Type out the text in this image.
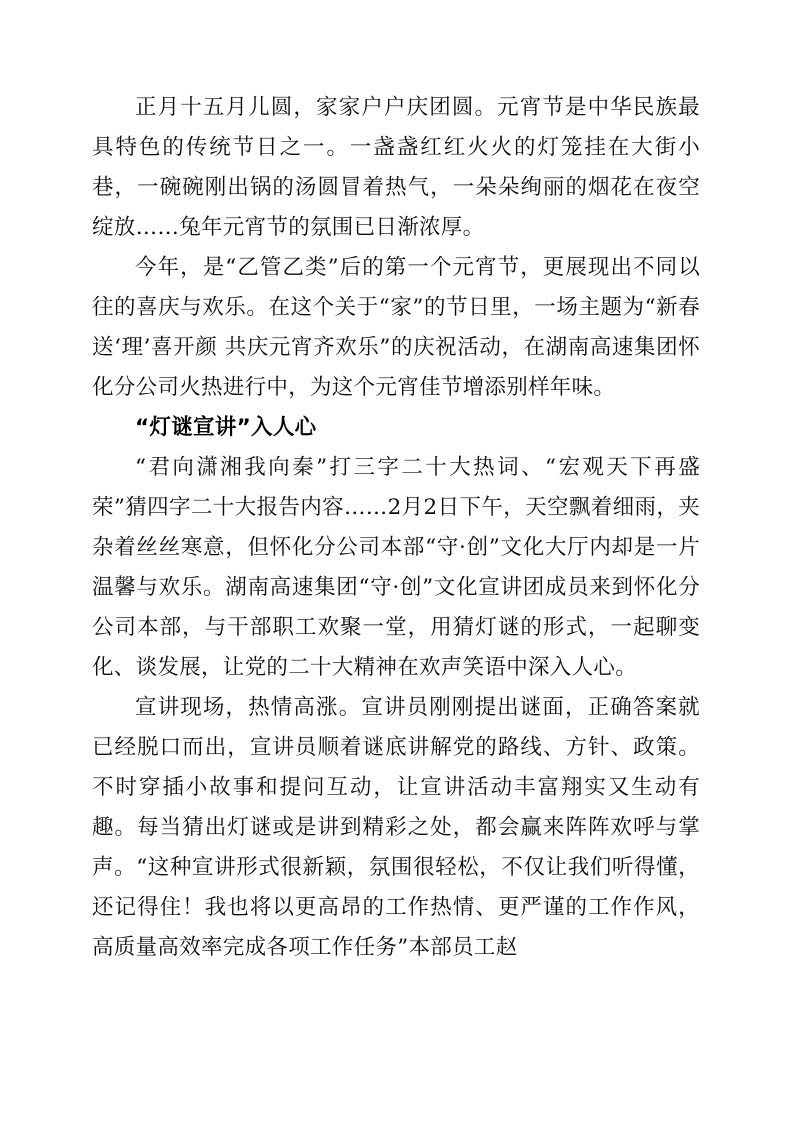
正月十五月儿圆，家家户户庆团圆。元宵节是中华民族最具特色的传统节日之一。一盏盏红红火火的灯笼挂在大街小巷，一碗碗刚出锅的汤圆冒着热气，一朵朵绚丽的烟花在夜空绽放……兔年元宵节的氛围已日渐浓厚。

今年，是“乙管乙类”后的第一个元宵节，更展现出不同以往的喜庆与欢乐。在这个关于“家”的节日里，一场主题为“新春送‘理’喜开颜 共庆元宵齐欢乐”的庆祝活动，在湖南高速集团怀化分公司火热进行中，为这个元宵佳节增添别样年味。

“灯谜宣讲”入人心

“君向潇湘我向秦”打三字二十大热词、“宏观天下再盛荣”猜四字二十大报告内容……2月2日下午，天空飘着细雨，夹杂着丝丝寒意，但怀化分公司本部“守·创”文化大厅内却是一片温馨与欢乐。湖南高速集团“守·创”文化宣讲团成员来到怀化分公司本部，与干部职工欢聚一堂，用猜灯谜的形式，一起聊变化、谈发展，让党的二十大精神在欢声笑语中深入人心。

宣讲现场，热情高涨。宣讲员刚刚提出谜面，正确答案就已经脱口而出，宣讲员顺着谜底讲解党的路线、方针、政策。不时穿插小故事和提问互动，让宣讲活动丰富翔实又生动有趣。每当猜出灯谜或是讲到精彩之处，都会赢来阵阵欢呼与掌声。“这种宣讲形式很新颖，氛围很轻松，不仅让我们听得懂，还记得住！我也将以更高昂的工作热情、更严谨的工作作风，高质量高效率完成各项工作任务”本部员工赵
